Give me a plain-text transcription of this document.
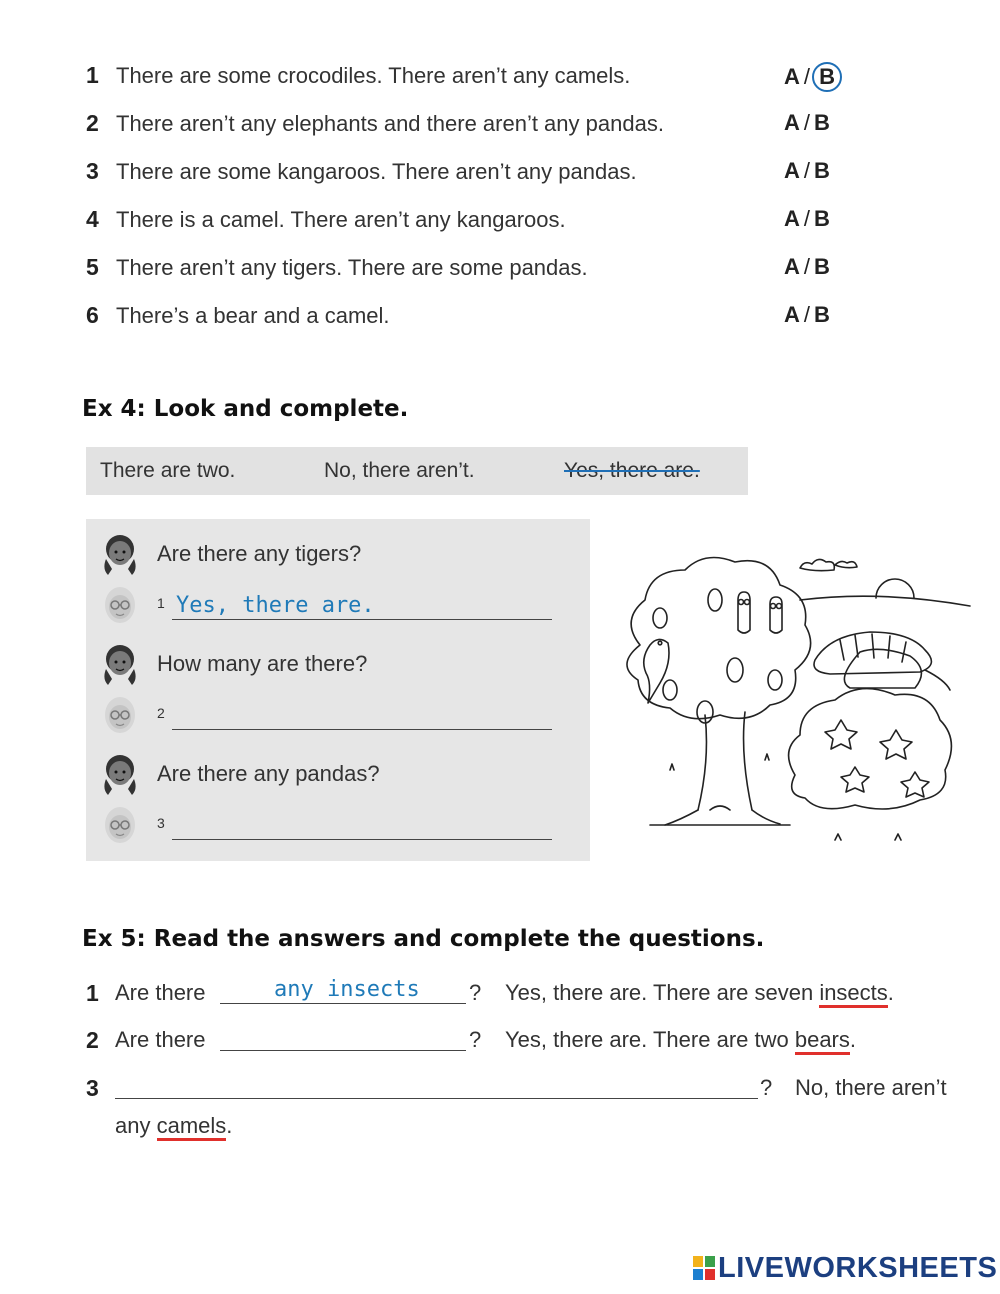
1 There are some crocodiles. There aren’t any camels.	A / B
2 There aren’t any elephants and there aren’t any pandas.	A / B
3 There are some kangaroos. There aren’t any pandas.	A / B
4 There is a camel. There aren’t any kangaroos.	A / B
5 There aren’t any tigers. There are some pandas.	A / B
6 There’s a bear and a camel.	A / B
Ex 4: Look and complete.
There are two.	No, there aren’t.	Yes, there are.
Are there any tigers?
1 Yes, there are.
How many are there?
2
Are there any pandas?
3
Ex 5: Read the answers and complete the questions.
1 Are there	any insects ? Yes, there are. There are seven insects.
2 Are there	? Yes, there are. There are two bears.
3	? No, there aren’t
any camels.
LIVEWORKSHEETS
